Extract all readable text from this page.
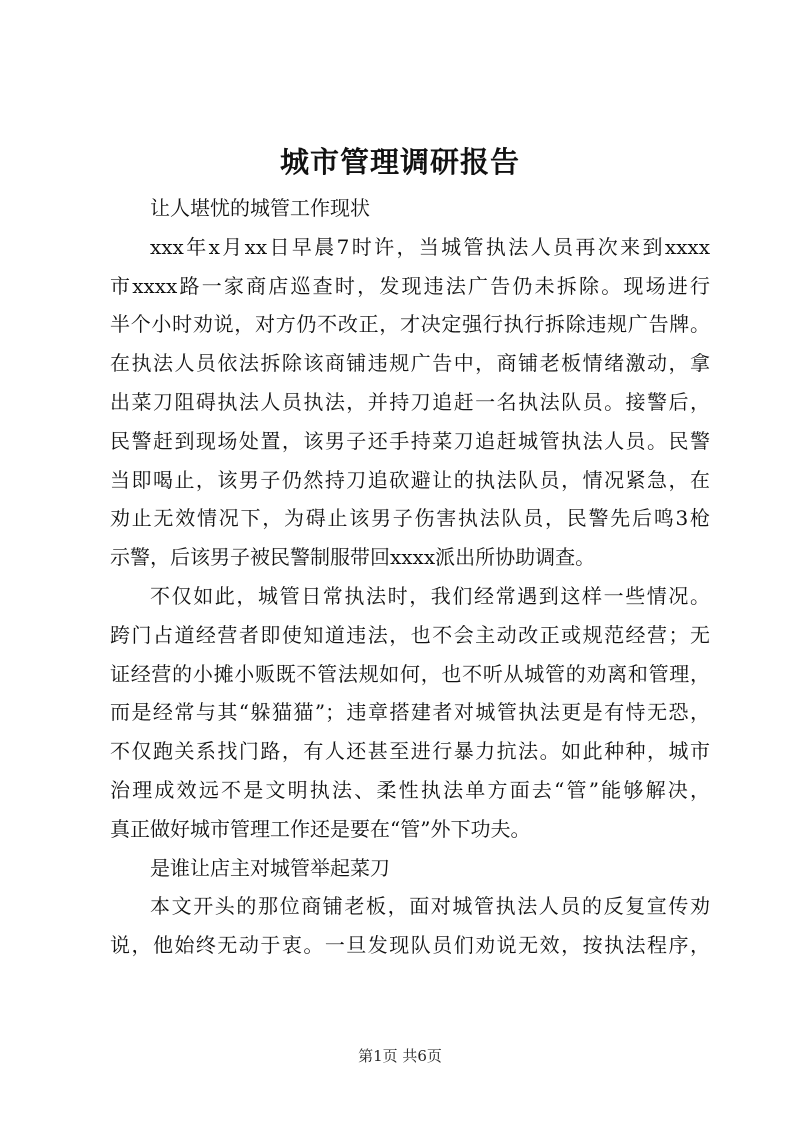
城市管理调研报告
让人堪忧的城管工作现状
xxx年x月xx日早晨7时许，当城管执法人员再次来到xxxx
市xxxx路一家商店巡查时，发现违法广告仍未拆除。现场进行
半个小时劝说，对方仍不改正，才决定强行执行拆除违规广告牌。
在执法人员依法拆除该商铺违规广告中，商铺老板情绪激动，拿
出菜刀阻碍执法人员执法，并持刀追赶一名执法队员。接警后，
民警赶到现场处置，该男子还手持菜刀追赶城管执法人员。民警
当即喝止，该男子仍然持刀追砍避让的执法队员，情况紧急，在
劝止无效情况下，为碍止该男子伤害执法队员，民警先后鸣3枪
示警，后该男子被民警制服带回xxxx派出所协助调查。
不仅如此，城管日常执法时，我们经常遇到这样一些情况。
跨门占道经营者即使知道违法，也不会主动改正或规范经营；无
证经营的小摊小贩既不管法规如何，也不听从城管的劝离和管理，
而是经常与其“躲猫猫”；违章搭建者对城管执法更是有恃无恐，
不仅跑关系找门路，有人还甚至进行暴力抗法。如此种种，城市
治理成效远不是文明执法、柔性执法单方面去“管”能够解决，
真正做好城市管理工作还是要在“管”外下功夫。
是谁让店主对城管举起菜刀
本文开头的那位商铺老板，面对城管执法人员的反复宣传劝
说，他始终无动于衷。一旦发现队员们劝说无效，按执法程序，
第1页 共6页
